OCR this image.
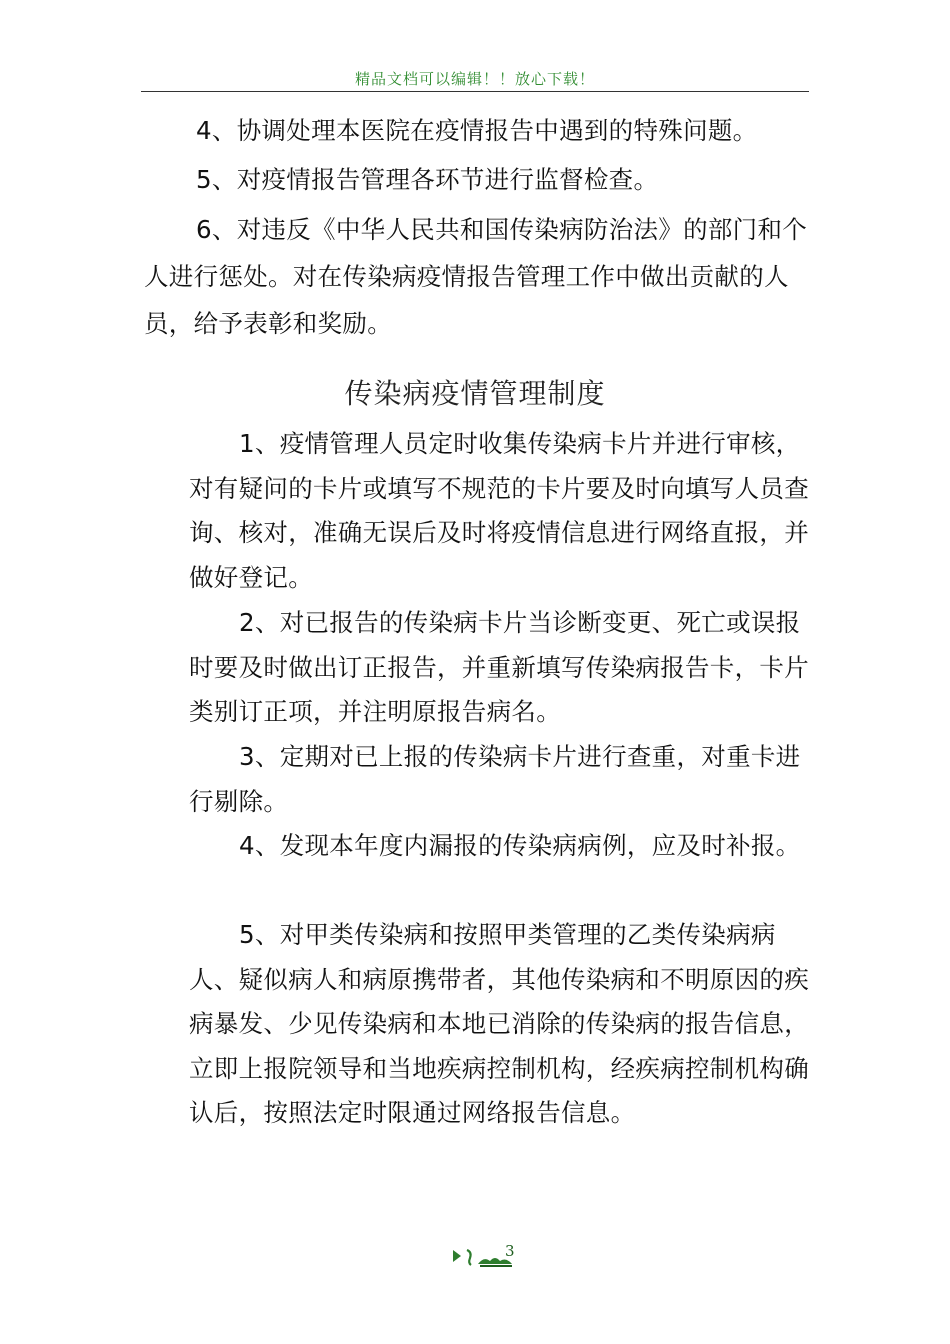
精品文档可以编辑！！放心下载！
4、协调处理本医院在疫情报告中遇到的特殊问题。
5、对疫情报告管理各环节进行监督检查。
6、对违反《中华人民共和国传染病防治法》的部门和个人进行惩处。对在传染病疫情报告管理工作中做出贡献的人员，给予表彰和奖励。
传染病疫情管理制度
1、疫情管理人员定时收集传染病卡片并进行审核，对有疑问的卡片或填写不规范的卡片要及时向填写人员查询、核对，准确无误后及时将疫情信息进行网络直报，并做好登记。
2、对已报告的传染病卡片当诊断变更、死亡或误报时要及时做出订正报告，并重新填写传染病报告卡，卡片类别订正项，并注明原报告病名。
3、定期对已上报的传染病卡片进行查重，对重卡进行剔除。
4、发现本年度内漏报的传染病病例，应及时补报。
5、对甲类传染病和按照甲类管理的乙类传染病病人、疑似病人和病原携带者，其他传染病和不明原因的疾病暴发、少见传染病和本地已消除的传染病的报告信息，立即上报院领导和当地疾病控制机构，经疾病控制机构确认后，按照法定时限通过网络报告信息。
3
